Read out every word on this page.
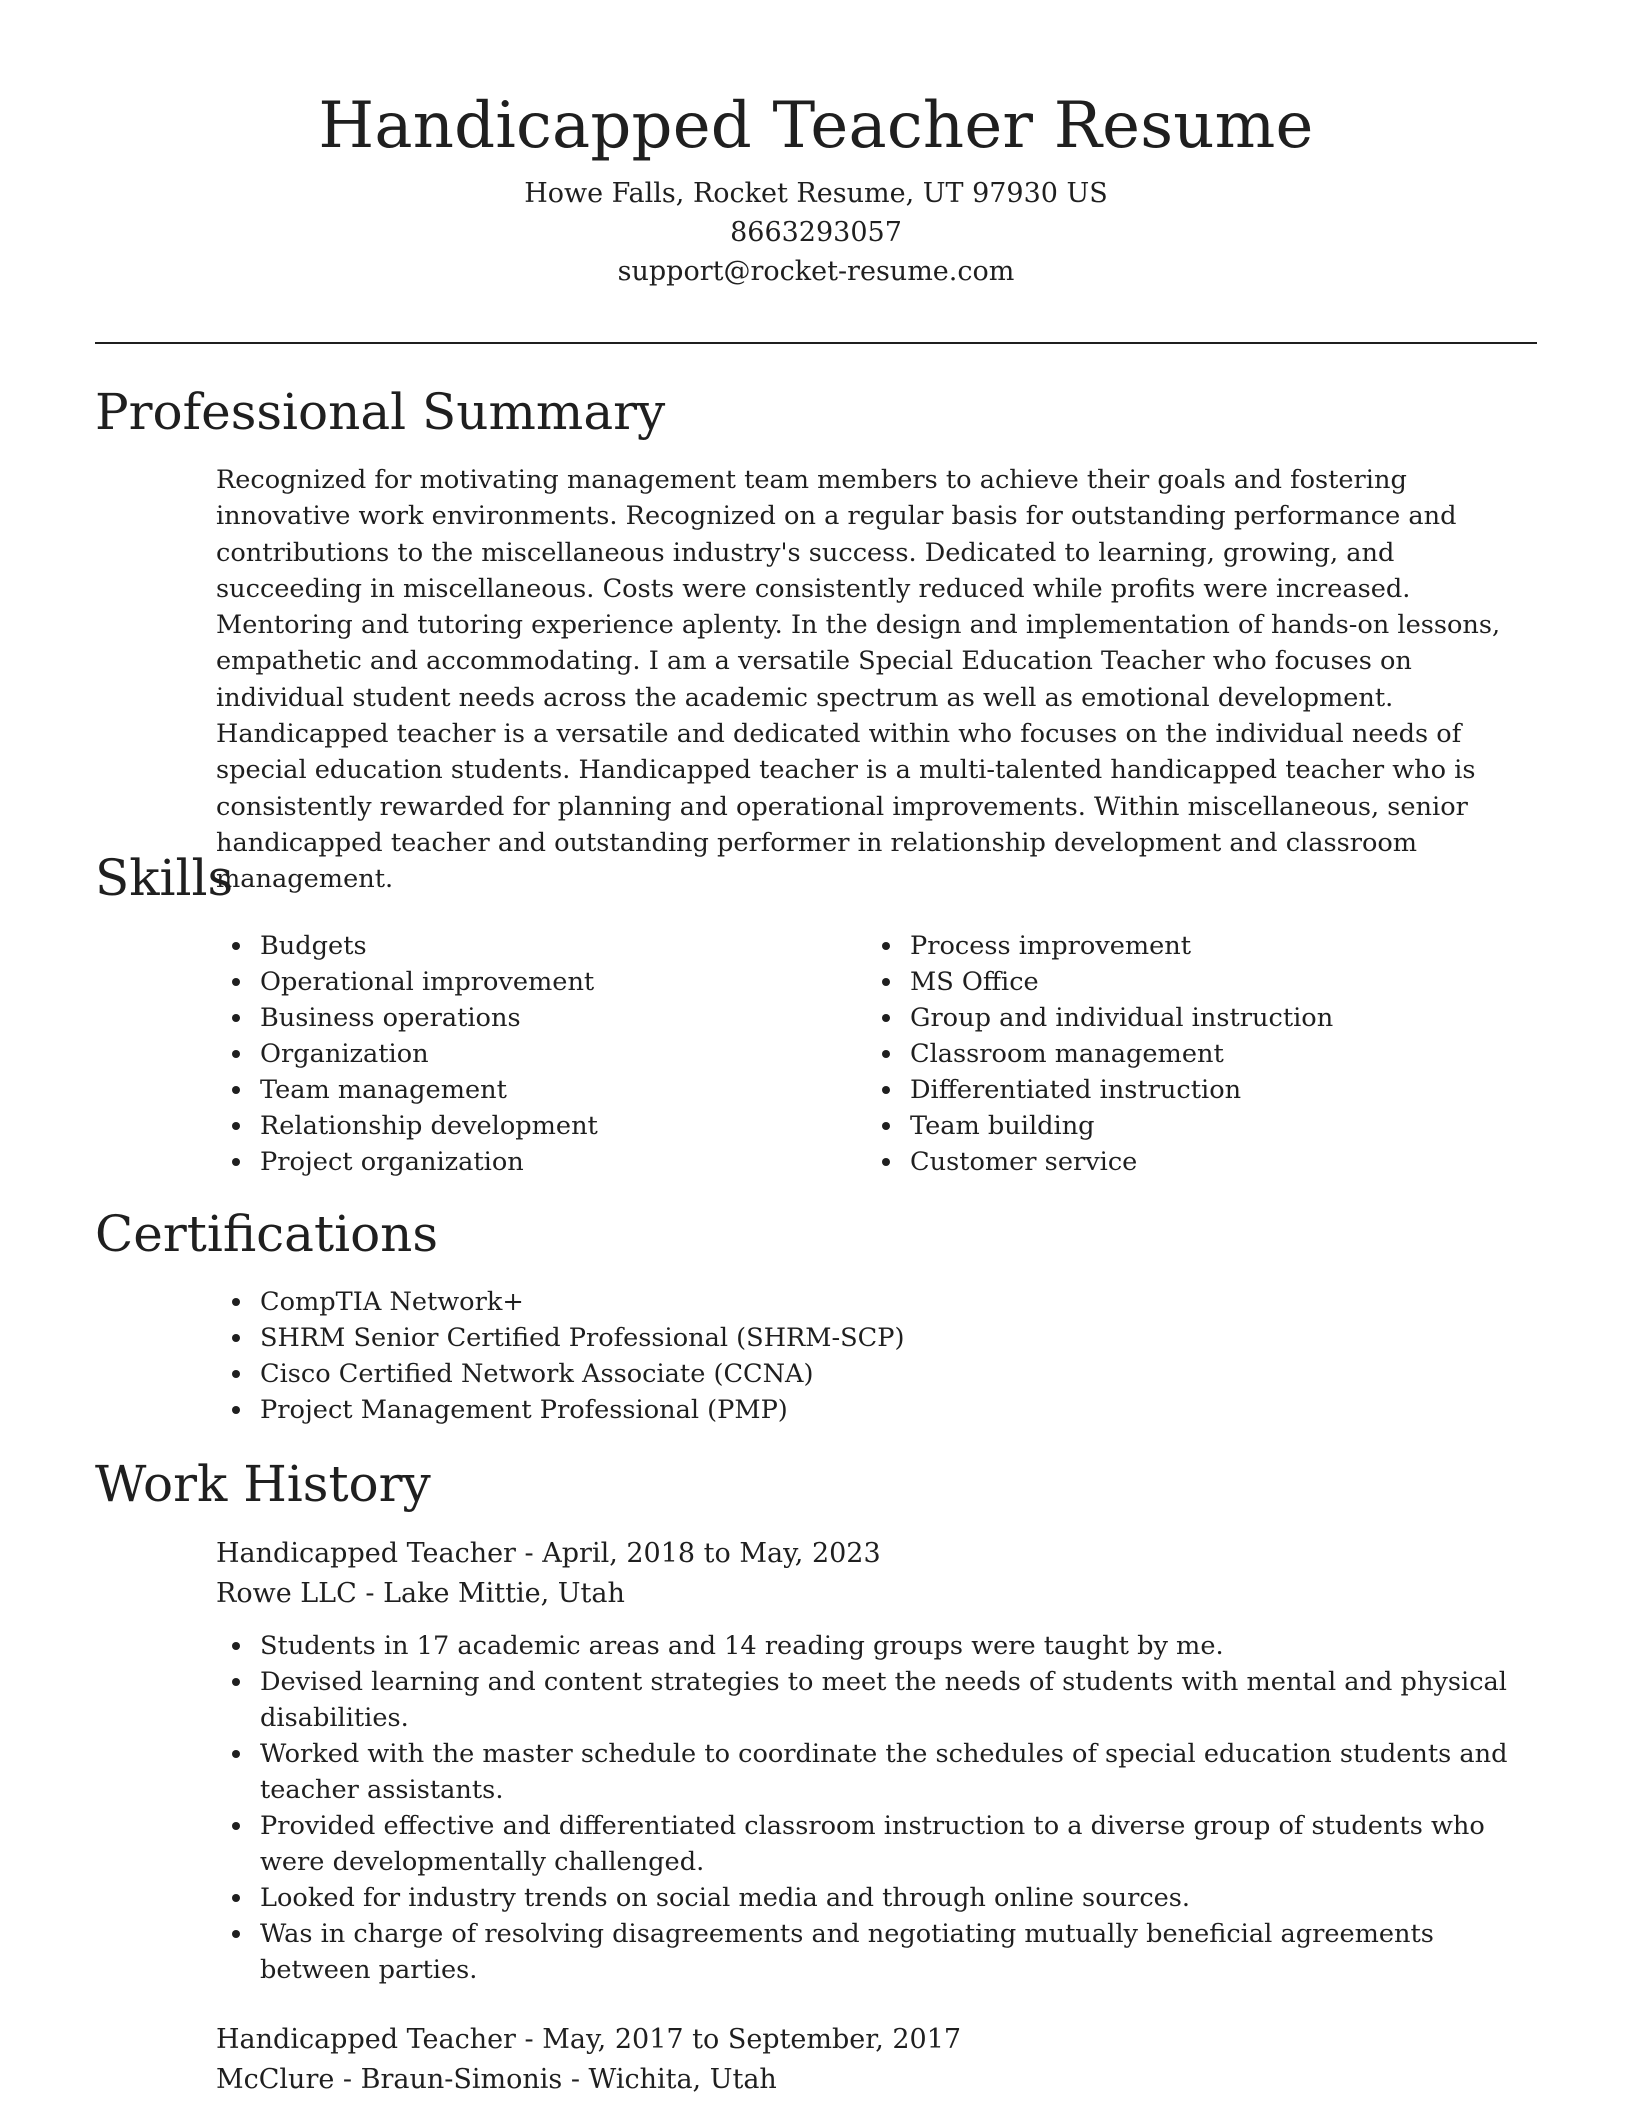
Handicapped Teacher Resume

Howe Falls, Rocket Resume, UT 97930 US

8663293057

support@rocket-resume.com

Professional Summary

Recognized for motivating management team members to achieve their goals and fostering innovative work environments. Recognized on a regular basis for outstanding performance and contributions to the miscellaneous industry's success. Dedicated to learning, growing, and succeeding in miscellaneous. Costs were consistently reduced while profits were increased. Mentoring and tutoring experience aplenty. In the design and implementation of hands-on lessons, empathetic and accommodating. I am a versatile Special Education Teacher who focuses on individual student needs across the academic spectrum as well as emotional development. Handicapped teacher is a versatile and dedicated within who focuses on the individual needs of special education students. Handicapped teacher is a multi-talented handicapped teacher who is consistently rewarded for planning and operational improvements. Within miscellaneous, senior handicapped teacher and outstanding performer in relationship development and classroom management.

Skills
Budgets
Operational improvement
Business operations
Organization
Team management
Relationship development
Project organization
Process improvement
MS Office
Group and individual instruction
Classroom management
Differentiated instruction
Team building
Customer service
Certifications
CompTIA Network+
SHRM Senior Certified Professional (SHRM-SCP)
Cisco Certified Network Associate (CCNA)
Project Management Professional (PMP)
Work History
Handicapped Teacher - April, 2018 to May, 2023
Rowe LLC - Lake Mittie, Utah
Students in 17 academic areas and 14 reading groups were taught by me.
Devised learning and content strategies to meet the needs of students with mental and physical disabilities.
Worked with the master schedule to coordinate the schedules of special education students and teacher assistants.
Provided effective and differentiated classroom instruction to a diverse group of students who were developmentally challenged.
Looked for industry trends on social media and through online sources.
Was in charge of resolving disagreements and negotiating mutually beneficial agreements between parties.
Handicapped Teacher - May, 2017 to September, 2017
McClure - Braun-Simonis - Wichita, Utah
